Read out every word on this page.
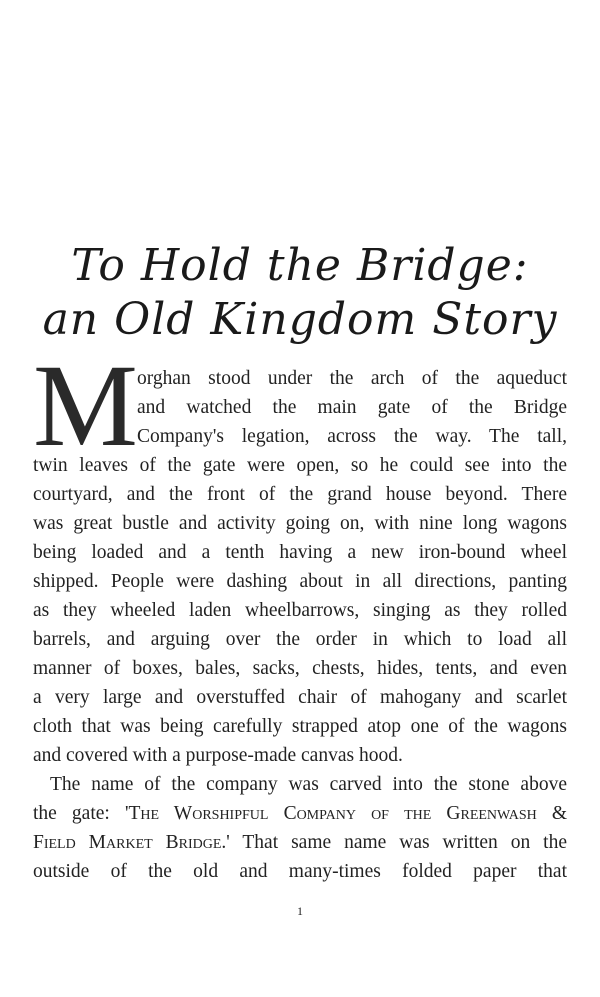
To Hold the Bridge:
an Old Kingdom Story
M orghan stood under the arch of the aqueduct
and watched the main gate of the Bridge
Company's legation, across the way. The tall,
twin leaves of the gate were open, so he could see into the
courtyard, and the front of the grand house beyond. There
was great bustle and activity going on, with nine long wagons
being loaded and a tenth having a new iron-bound wheel
shipped. People were dashing about in all directions, panting
as they wheeled laden wheelbarrows, singing as they rolled
barrels, and arguing over the order in which to load all
manner of boxes, bales, sacks, chests, hides, tents, and even
a very large and overstuffed chair of mahogany and scarlet
cloth that was being carefully strapped atop one of the wagons
and covered with a purpose-made canvas hood.
The name of the company was carved into the stone above
the gate: 'The Worshipful Company of the Greenwash &
Field Market Bridge.' That same name was written on the
outside of the old and many-times folded paper that
1
